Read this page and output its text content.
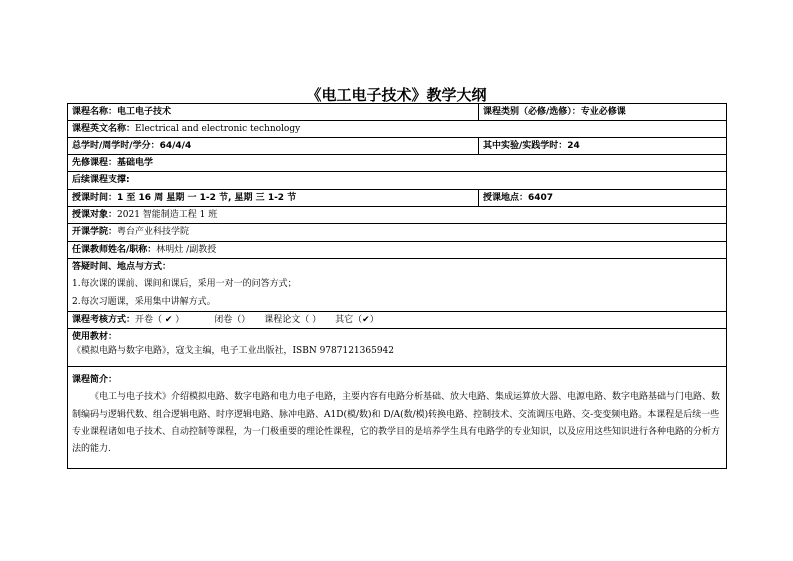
《电工电子技术》教学大纲
课程名称：电工电子技术	课程类别（必修/选修）：专业必修课
课程英文名称：Electrical and electronic technology
总学时/周学时/学分：64/4/4	其中实验/实践学时：24
先修课程：基础电学
后续课程支撑:
授课时间：1 至 16 周 星期 一 1-2 节, 星期 三 1-2 节	授课地点：6407
授课对象：2021 智能制造工程 1 班
开课学院：粤台产业科技学院
任课教师姓名/职称：林明灶 /副教授
答疑时间、地点与方式：
1.每次课的课前、课间和课后，采用一对一的问答方式；
2.每次习题课，采用集中讲解方式。
课程考核方式：开卷（ ✔ ）	闭卷（） 课程论文（ ） 其它（✔）
使用教材：
《模拟电路与数字电路》，寇戈主编，电子工业出版社，ISBN 9787121365942
课程简介：
《电工与电子技术》介绍模拟电路、数字电路和电力电子电路，主要内容有电路分析基础、放大电路、集成运算放大器、电源电路、数字电路基础与门电路、数制编码与逻辑代数、组合逻辑电路、时序逻辑电路、脉冲电路、A1D(模/数)和 D/A(数/模)转换电路、控制技术、交流调压电路、交-变变频电路。本课程是后续一些专业课程诸如电子技术、自动控制等课程，为一门极重要的理论性课程，它的教学目的是培养学生具有电路学的专业知识，以及应用这些知识进行各种电路的分析方法的能力.
